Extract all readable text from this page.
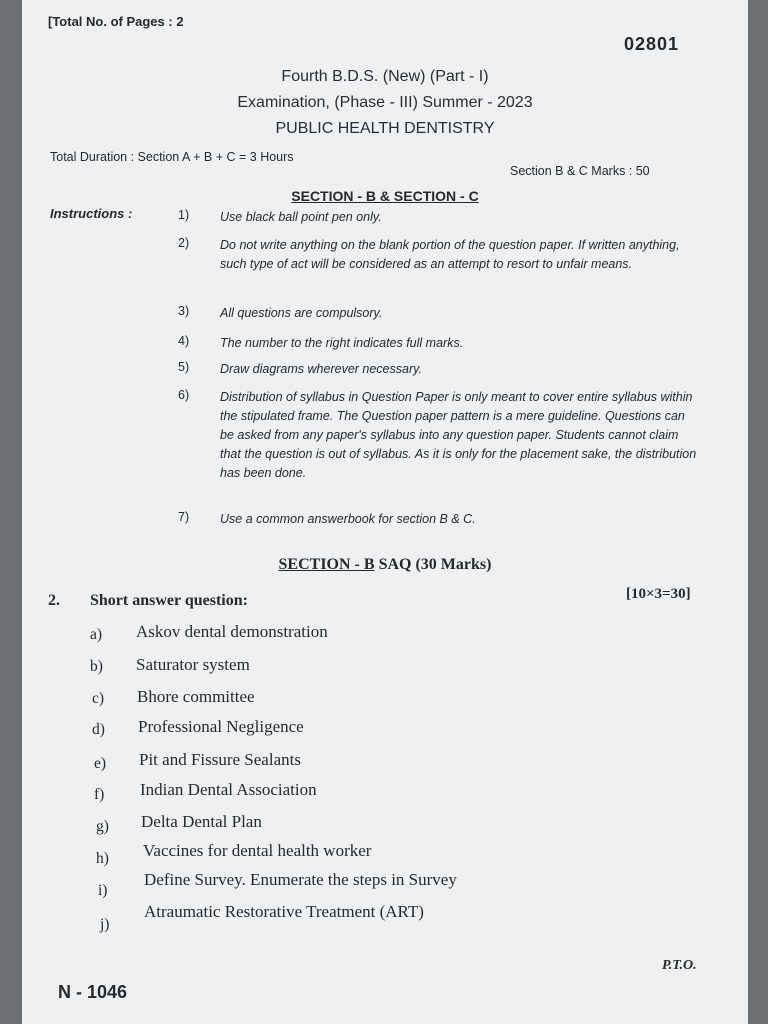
[Total No. of Pages : 2
02801
Fourth B.D.S. (New) (Part - I)
Examination, (Phase - III) Summer - 2023
PUBLIC HEALTH DENTISTRY
Total Duration : Section A + B + C = 3 Hours
Section B & C Marks : 50
SECTION - B & SECTION - C
Instructions :	1) Use black ball point pen only.
2) Do not write anything on the blank portion of the question paper. If written anything, such type of act will be considered as an attempt to resort to unfair means.
3) All questions are compulsory.
4) The number to the right indicates full marks.
5) Draw diagrams wherever necessary.
6) Distribution of syllabus in Question Paper is only meant to cover entire syllabus within the stipulated frame. The Question paper pattern is a mere guideline. Questions can be asked from any paper's syllabus into any question paper. Students cannot claim that the question is out of syllabus. As it is only for the placement sake, the distribution has been done.
7) Use a common answerbook for section B & C.
SECTION - B SAQ (30 Marks)
2. Short answer question:	[10×3=30]
a) Askov dental demonstration
b) Saturator system
c) Bhore committee
d) Professional Negligence
e) Pit and Fissure Sealants
f) Indian Dental Association
g) Delta Dental Plan
h) Vaccines for dental health worker
i)
Define Survey. Enumerate the steps in Survey
j)
Atraumatic Restorative Treatment (ART)
P.T.O.
N - 1046
